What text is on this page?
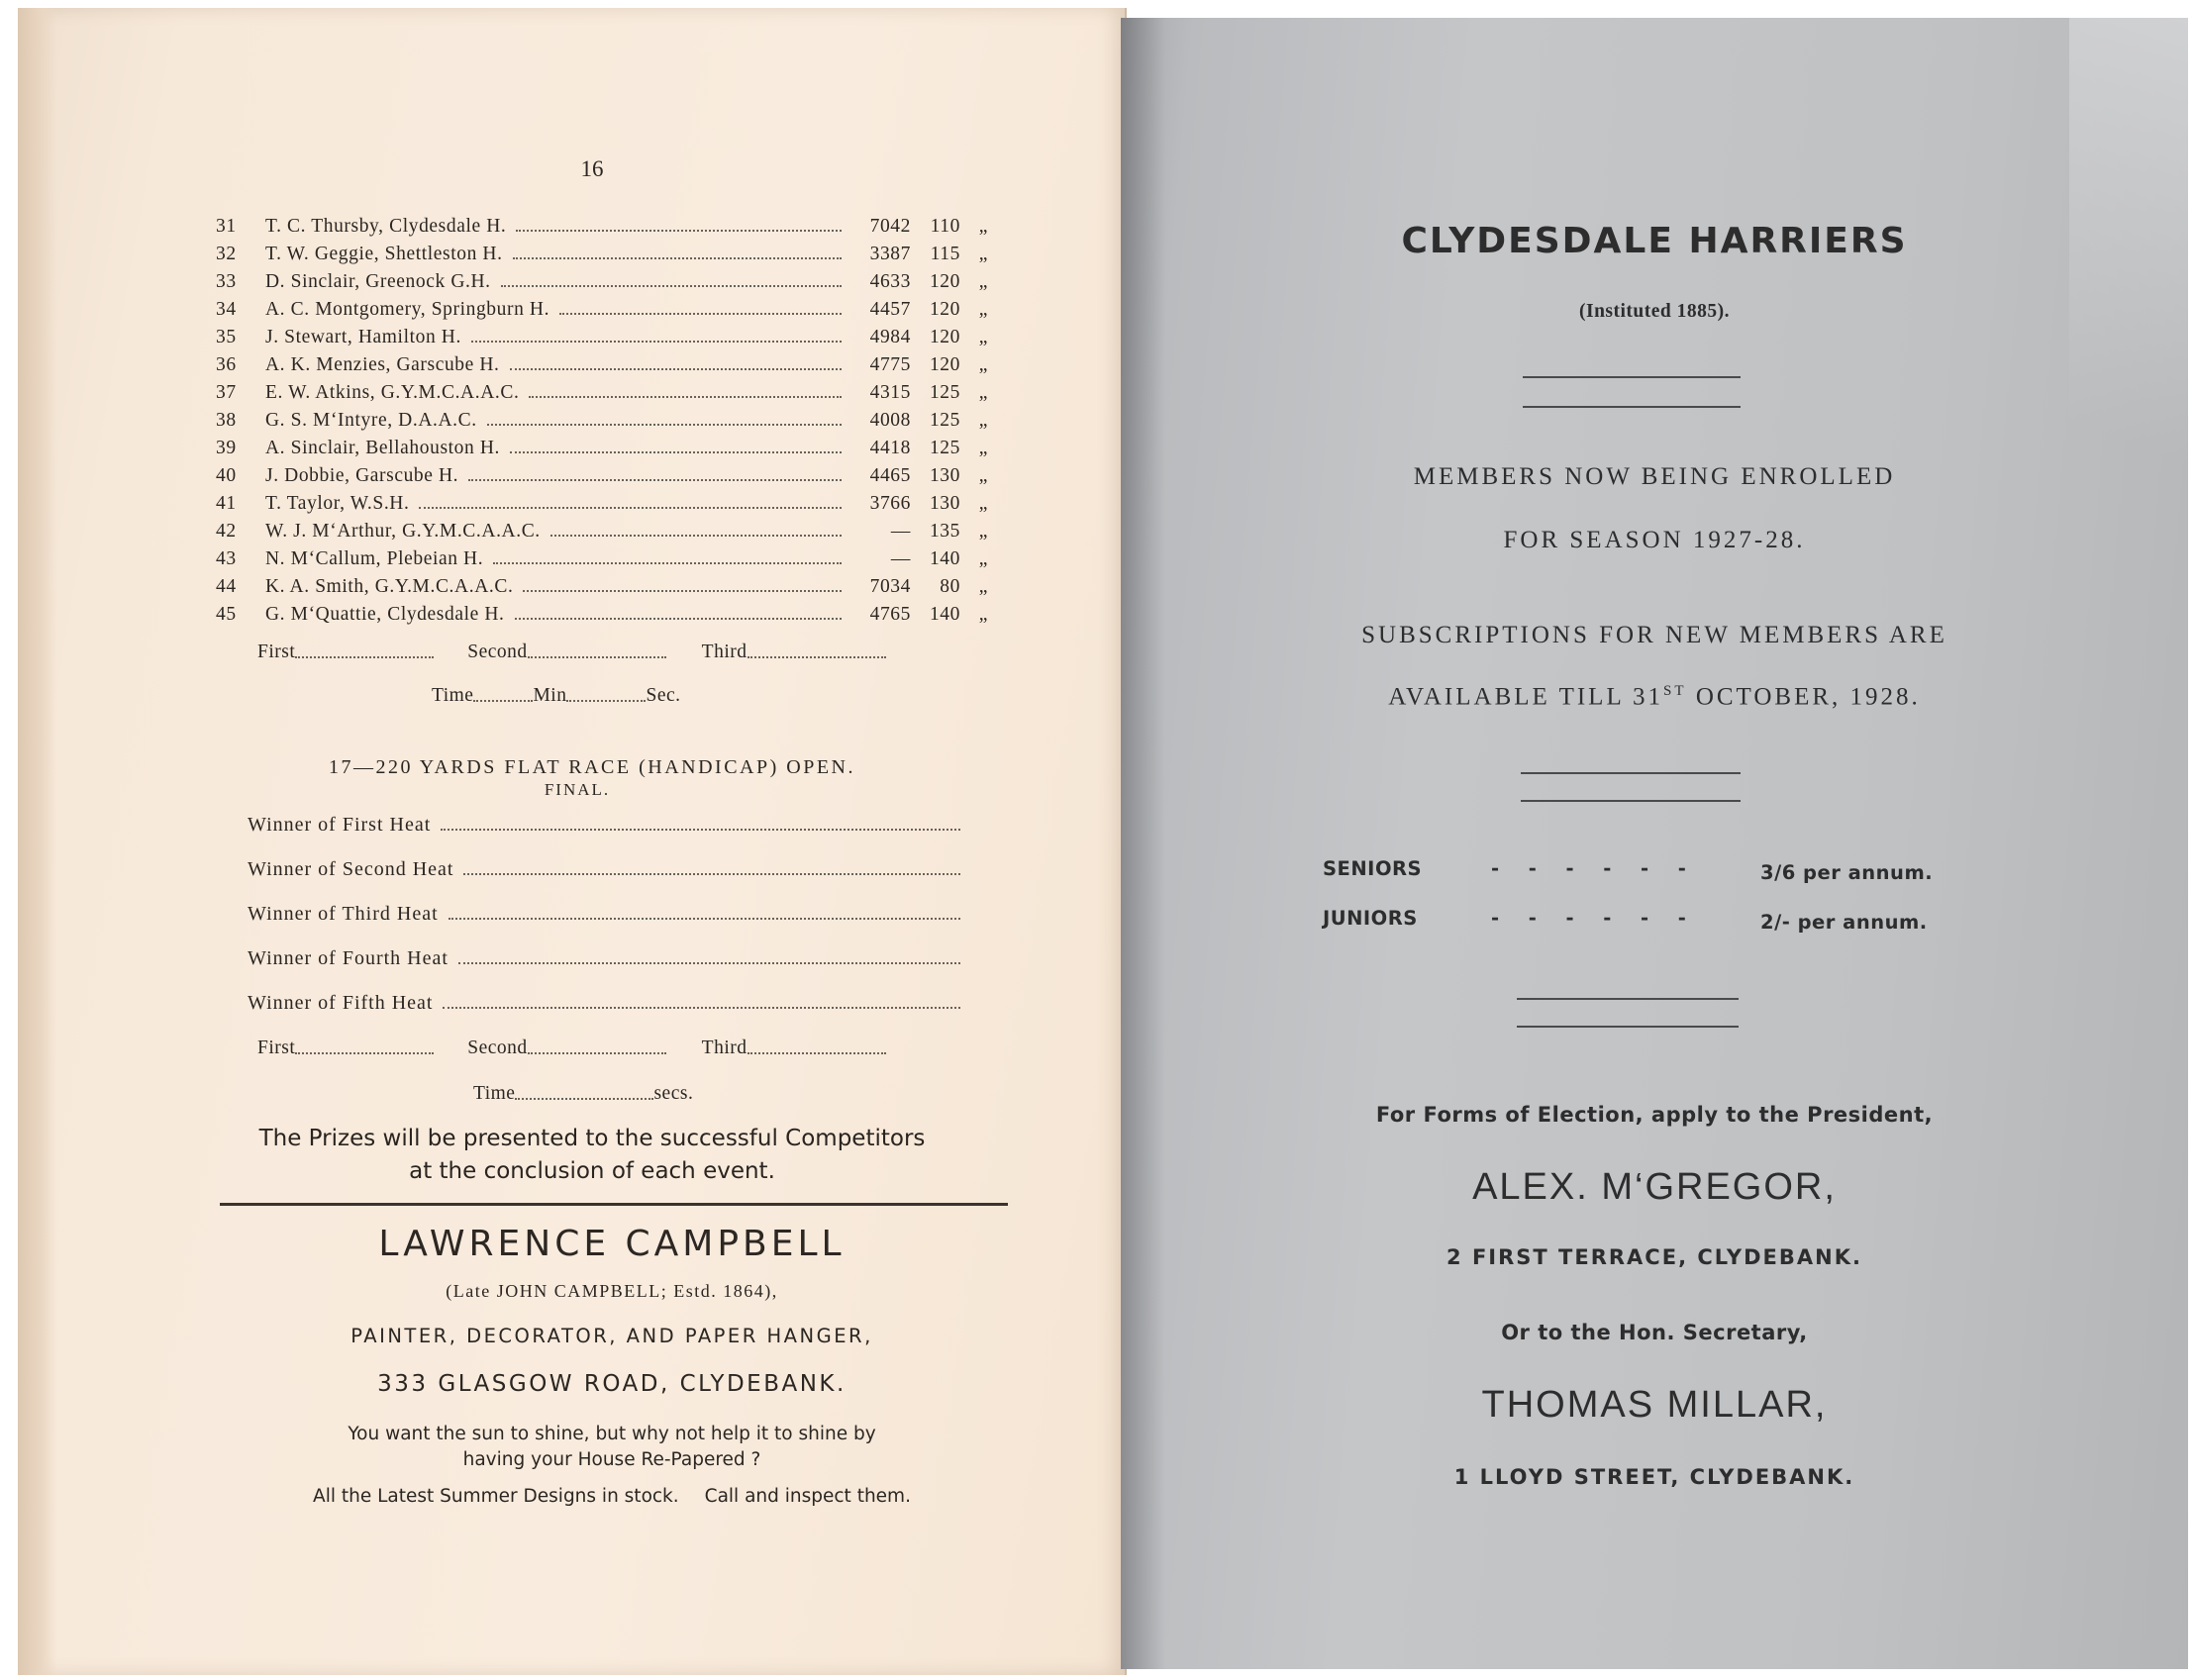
16
31	T. C. Thursby, Clydesdale H.	7042	110 „
32	T. W. Geggie, Shettleston H.	3387	115 „
33	D. Sinclair, Greenock G.H.	4633 120 „
34	A. C. Montgomery, Springburn H.	4457 120 „
35	J. Stewart, Hamilton H.	4984 120 „
36	A. K. Menzies, Garscube H.	4775 120 „
37	E. W. Atkins, G.Y.M.C.A.A.C.	4315 125 „
38	G. S. M‘Intyre, D.A.A.C.	4008 125 „
39	A. Sinclair, Bellahouston H.	4418 125 „
40	J. Dobbie, Garscube H.	4465 130 „
41	T. Taylor, W.S.H.	3766 130 „
42	W. J. M‘Arthur, G.Y.M.C.A.A.C.	— 135 „
43	N. M‘Callum, Plebeian H.	— 140 „
44	K. A. Smith, G.Y.M.C.A.A.C.	7034	80 „
45	G. M‘Quattie, Clydesdale H.	4765 140 „
First	Second	Third
Time	Min	Sec.
17—220 YARDS FLAT RACE (HANDICAP) OPEN.
FINAL.
Winner of First Heat
Winner of Second Heat
Winner of Third Heat
Winner of Fourth Heat
Winner of Fifth Heat
First	Second	Third
Time	secs.
The Prizes will be presented to the successful Competitors
at the conclusion of each event.
LAWRENCE CAMPBELL
(Late JOHN CAMPBELL; Estd. 1864),
PAINTER, DECORATOR, AND PAPER HANGER,
333 GLASGOW ROAD, CLYDEBANK.
You want the sun to shine, but why not help it to shine by
having your House Re-Papered ?
All the Latest Summer Designs in stock. Call and inspect them.
CLYDESDALE HARRIERS
(Instituted 1885).
MEMBERS NOW BEING ENROLLED
FOR SEASON 1927-28.
SUBSCRIPTIONS FOR NEW MEMBERS ARE
AVAILABLE TILL 31ST OCTOBER, 1928.
SENIORS	-    -    -    -    -    -	3/6 per annum.
JUNIORS	-    -    -    -    -    -	2/- per annum.
For Forms of Election, apply to the President,
ALEX. M‘GREGOR,
2 FIRST TERRACE, CLYDEBANK.
Or to the Hon. Secretary,
THOMAS MILLAR,
1 LLOYD STREET, CLYDEBANK.
